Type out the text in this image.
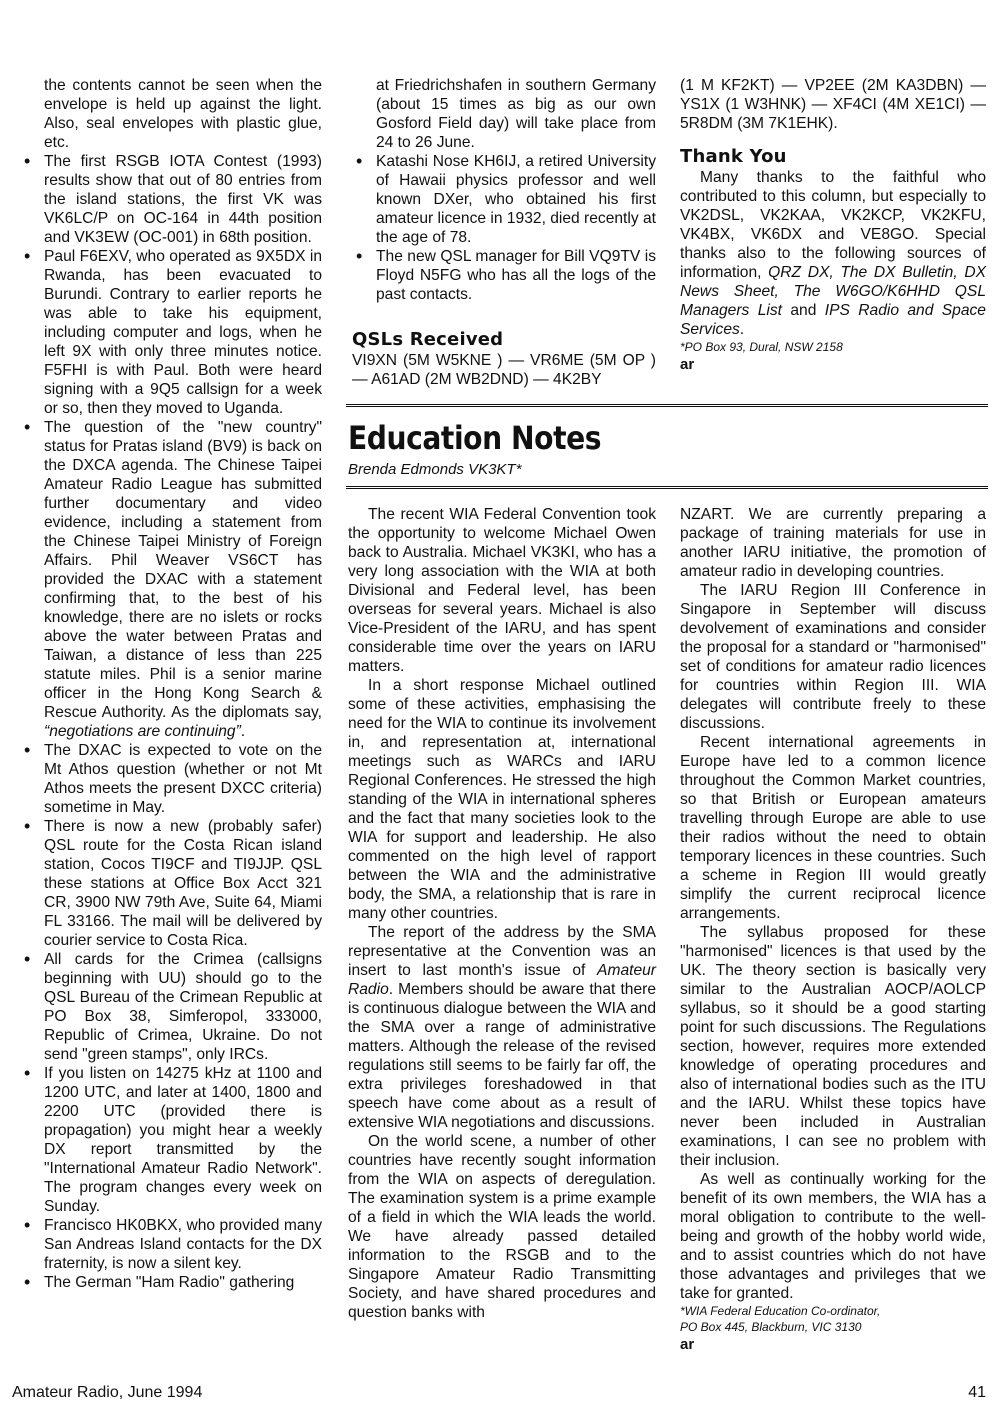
the contents cannot be seen when the envelope is held up against the light. Also, seal envelopes with plastic glue, etc.

• The first RSGB IOTA Contest (1993) results show that out of 80 entries from the island stations, the first VK was VK6LC/P on OC-164 in 44th position and VK3EW (OC-001) in 68th position.
• Paul F6EXV, who operated as 9X5DX in Rwanda, has been evacuated to Burundi. Contrary to earlier reports he was able to take his equipment, including computer and logs, when he left 9X with only three minutes notice. F5FHI is with Paul. Both were heard signing with a 9Q5 callsign for a week or so, then they moved to Uganda.
• The question of the "new country" status for Pratas island (BV9) is back on the DXCA agenda. The Chinese Taipei Amateur Radio League has submitted further documentary and video evidence, including a statement from the Chinese Taipei Ministry of Foreign Affairs. Phil Weaver VS6CT has provided the DXAC with a statement confirming that, to the best of his knowledge, there are no islets or rocks above the water between Pratas and Taiwan, a distance of less than 225 statute miles. Phil is a senior marine officer in the Hong Kong Search & Rescue Authority. As the diplomats say, “negotiations are continuing”.
• The DXAC is expected to vote on the Mt Athos question (whether or not Mt Athos meets the present DXCC criteria) sometime in May.
• There is now a new (probably safer) QSL route for the Costa Rican island station, Cocos TI9CF and TI9JJP. QSL these stations at Office Box Acct 321 CR, 3900 NW 79th Ave, Suite 64, Miami FL 33166. The mail will be delivered by courier service to Costa Rica.
• All cards for the Crimea (callsigns beginning with UU) should go to the QSL Bureau of the Crimean Republic at PO Box 38, Simferopol, 333000, Republic of Crimea, Ukraine. Do not send "green stamps", only IRCs.
• If you listen on 14275 kHz at 1100 and 1200 UTC, and later at 1400, 1800 and 2200 UTC (provided there is propagation) you might hear a weekly DX report transmitted by the "International Amateur Radio Network". The program changes every week on Sunday.
• Francisco HK0BKX, who provided many San Andreas Island contacts for the DX fraternity, is now a silent key.
• The German "Ham Radio" gathering

at Friedrichshafen in southern Germany (about 15 times as big as our own Gosford Field day) will take place from 24 to 26 June.

• Katashi Nose KH6IJ, a retired University of Hawaii physics professor and well known DXer, who obtained his first amateur licence in 1932, died recently at the age of 78.
• The new QSL manager for Bill VQ9TV is Floyd N5FG who has all the logs of the past contacts.
QSLs Received

VI9XN (5M W5KNE ) — VR6ME (5M OP ) — A61AD (2M WB2DND) — 4K2BY

(1 M KF2KT) — VP2EE (2M KA3DBN) — YS1X (1 W3HNK) — XF4CI (4M XE1CI) — 5R8DM (3M 7K1EHK).

Thank You

Many thanks to the faithful who contributed to this column, but especially to VK2DSL, VK2KAA, VK2KCP, VK2KFU, VK4BX, VK6DX and VE8GO. Special thanks also to the following sources of information, QRZ DX, The DX Bulletin, DX News Sheet, The W6GO/K6HHD QSL Managers List and IPS Radio and Space Services.

*PO Box 93, Dural, NSW 2158

ar

Education Notes
Brenda Edmonds VK3KT*

The recent WIA Federal Convention took the opportunity to welcome Michael Owen back to Australia. Michael VK3KI, who has a very long association with the WIA at both Divisional and Federal level, has been overseas for several years. Michael is also Vice-President of the IARU, and has spent considerable time over the years on IARU matters.

In a short response Michael outlined some of these activities, emphasising the need for the WIA to continue its involvement in, and representation at, international meetings such as WARCs and IARU Regional Conferences. He stressed the high standing of the WIA in international spheres and the fact that many societies look to the WIA for support and leadership. He also commented on the high level of rapport between the WIA and the administrative body, the SMA, a relationship that is rare in many other countries.

The report of the address by the SMA representative at the Convention was an insert to last month's issue of Amateur Radio. Members should be aware that there is continuous dialogue between the WIA and the SMA over a range of administrative matters. Although the release of the revised regulations still seems to be fairly far off, the extra privileges foreshadowed in that speech have come about as a result of extensive WIA negotiations and discussions.

On the world scene, a number of other countries have recently sought information from the WIA on aspects of deregulation. The examination system is a prime example of a field in which the WIA leads the world. We have already passed detailed information to the RSGB and to the Singapore Amateur Radio Transmitting Society, and have shared procedures and question banks with

NZART. We are currently preparing a package of training materials for use in another IARU initiative, the promotion of amateur radio in developing countries.

The IARU Region III Conference in Singapore in September will discuss devolvement of examinations and consider the proposal for a standard or "harmonised" set of conditions for amateur radio licences for countries within Region III. WIA delegates will contribute freely to these discussions.

Recent international agreements in Europe have led to a common licence throughout the Common Market countries, so that British or European amateurs travelling through Europe are able to use their radios without the need to obtain temporary licences in these countries. Such a scheme in Region III would greatly simplify the current reciprocal licence arrangements.

The syllabus proposed for these "harmonised" licences is that used by the UK. The theory section is basically very similar to the Australian AOCP/AOLCP syllabus, so it should be a good starting point for such discussions. The Regulations section, however, requires more extended knowledge of operating procedures and also of international bodies such as the ITU and the IARU. Whilst these topics have never been included in Australian examinations, I can see no problem with their inclusion.

As well as continually working for the benefit of its own members, the WIA has a moral obligation to contribute to the well-being and growth of the hobby world wide, and to assist countries which do not have those advantages and privileges that we take for granted.

*WIA Federal Education Co-ordinator,

PO Box 445, Blackburn, VIC 3130

ar

Amateur Radio, June 1994	41
